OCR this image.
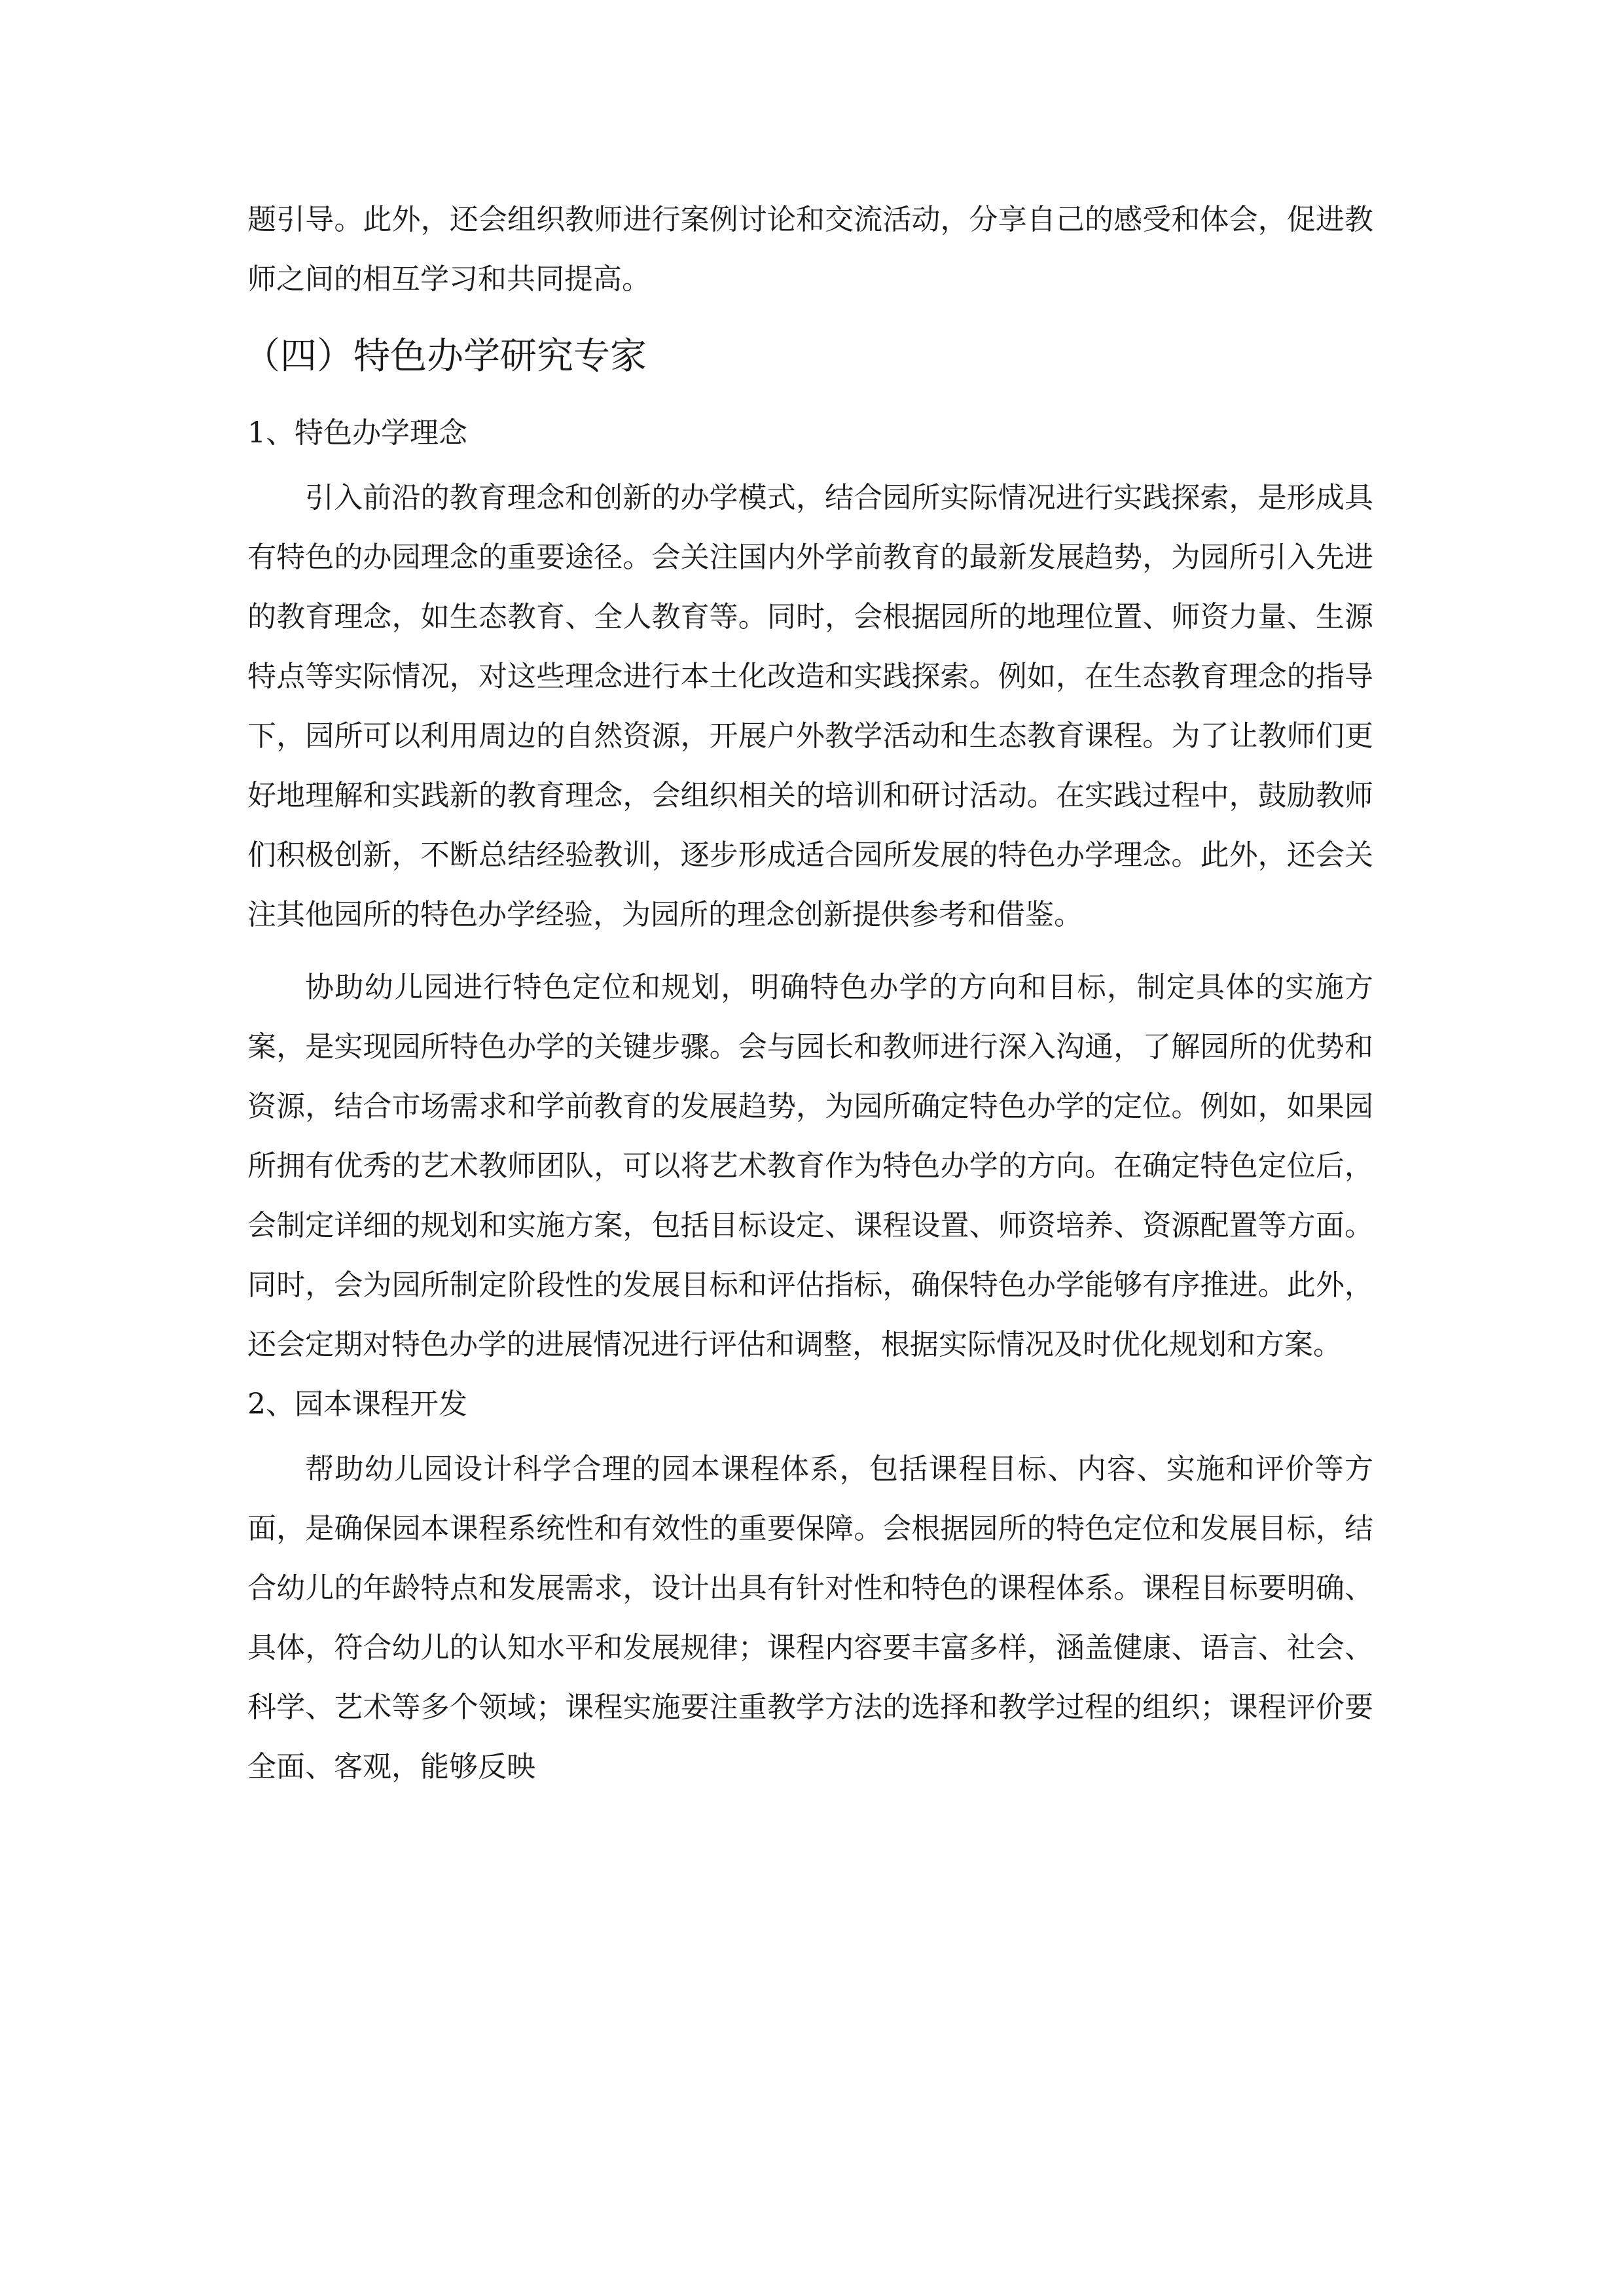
题引导。此外，还会组织教师进行案例讨论和交流活动，分享自己的感受和体会，促进教师之间的相互学习和共同提高。

（四）特色办学研究专家
1、特色办学理念

引入前沿的教育理念和创新的办学模式，结合园所实际情况进行实践探索，是形成具有特色的办园理念的重要途径。会关注国内外学前教育的最新发展趋势，为园所引入先进的教育理念，如生态教育、全人教育等。同时，会根据园所的地理位置、师资力量、生源特点等实际情况，对这些理念进行本土化改造和实践探索。例如，在生态教育理念的指导下，园所可以利用周边的自然资源，开展户外教学活动和生态教育课程。为了让教师们更好地理解和实践新的教育理念，会组织相关的培训和研讨活动。在实践过程中，鼓励教师们积极创新，不断总结经验教训，逐步形成适合园所发展的特色办学理念。此外，还会关注其他园所的特色办学经验，为园所的理念创新提供参考和借鉴。

协助幼儿园进行特色定位和规划，明确特色办学的方向和目标，制定具体的实施方案，是实现园所特色办学的关键步骤。会与园长和教师进行深入沟通，了解园所的优势和资源，结合市场需求和学前教育的发展趋势，为园所确定特色办学的定位。例如，如果园所拥有优秀的艺术教师团队，可以将艺术教育作为特色办学的方向。在确定特色定位后，会制定详细的规划和实施方案，包括目标设定、课程设置、师资培养、资源配置等方面。同时，会为园所制定阶段性的发展目标和评估指标，确保特色办学能够有序推进。此外，还会定期对特色办学的进展情况进行评估和调整，根据实际情况及时优化规划和方案。

2、园本课程开发

帮助幼儿园设计科学合理的园本课程体系，包括课程目标、内容、实施和评价等方面，是确保园本课程系统性和有效性的重要保障。会根据园所的特色定位和发展目标，结合幼儿的年龄特点和发展需求，设计出具有针对性和特色的课程体系。课程目标要明确、具体，符合幼儿的认知水平和发展规律；课程内容要丰富多样，涵盖健康、语言、社会、科学、艺术等多个领域；课程实施要注重教学方法的选择和教学过程的组织；课程评价要全面、客观，能够反映
